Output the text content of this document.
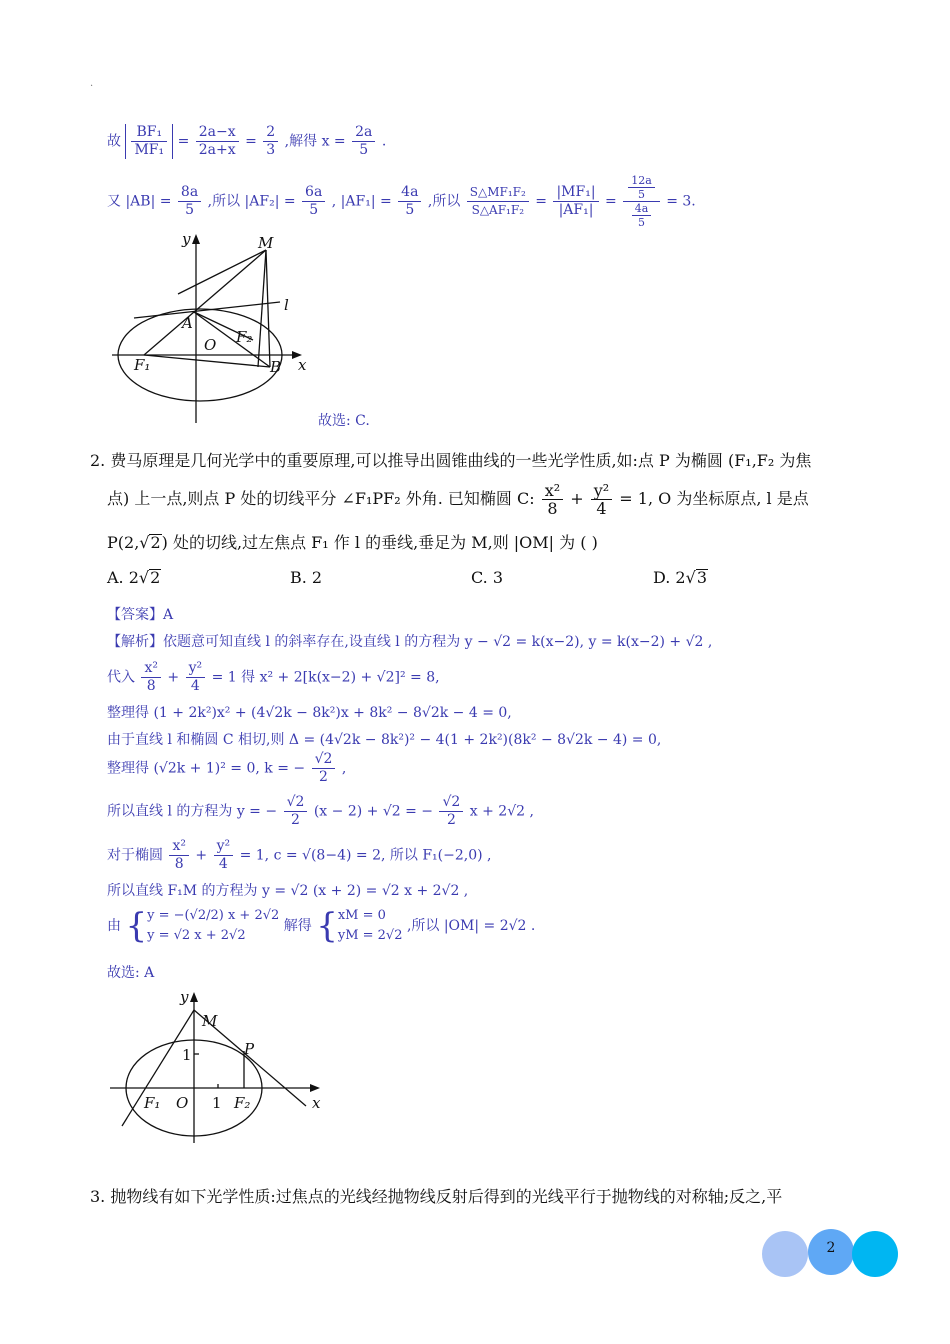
.
故 $\frac{\text{BF₁}}{\text{MF₁}} = \frac{2a-x}{2a+x} = \frac{2}{3}$ ,解得 $x = \frac{2a}{5}$ .
又 $|AB| = \frac{8a}{5}$ ,所以 $|AF_2| = \frac{6a}{5}$ , $|AF_1| = \frac{4a}{5}$ ,所以 $\frac{\text{S△MF₁F₂}}{\text{S△AF₁F₂}} = \frac{\text{|MF₁|}}{\text{|AF₁|}} = \frac{\frac{12a}{5}}{\frac{4a}{5}} = 3$.
y	M
l
A
F₂
O
F₁	B x
故选: C.
2. 费马原理是几何光学中的重要原理,可以推导出圆锥曲线的一些光学性质,如:点 P 为椭圆 (F₁,F₂ 为焦
点) 上一点,则点 P 处的切线平分 ∠F₁PF₂ 外角. 已知椭圆 C: $\frac{\text{x²}}{8} + \frac{\text{y²}}{4} = 1$, O 为坐标原点, l 是点
P(2,√2) 处的切线,过左焦点 F₁ 作 l 的垂线,垂足为 M,则 |OM| 为 ( )
A. 2√2	B. 2	C. 3	D. 2√3
【答案】A
【解析】依题意可知直线 l 的斜率存在,设直线 l 的方程为 y − √2 = k(x−2), y = k(x−2) + √2 ,
代入 $\frac{\text{x²}}{8} + \frac{\text{y²}}{4} = 1$ 得 x² + 2[k(x−2) + √2]² = 8,
整理得 (1 + 2k²)x² + (4√2k − 8k²)x + 8k² − 8√2k − 4 = 0,
由于直线 l 和椭圆 C 相切,则 Δ = (4√2k − 8k²)² − 4(1 + 2k²)(8k² − 8√2k − 4) = 0,
整理得 (√2k + 1)² = 0, k = − $\frac{√2}{2}$ ,
所以直线 l 的方程为 y = − $\frac{√2}{2} (x - 2) + √2$ = − $\frac{√2}{2}$ x + 2√2 ,
对于椭圆 $\frac{\text{x²}}{8} + \frac{\text{y²}}{4} = 1$, c = √(8−4) = 2, 所以 F₁(−2,0) ,
所以直线 F₁M 的方程为 y = √2 (x + 2) = √2 x + 2√2 ,
由 { y = −(√2/2) x + 2√2
y = √2 x + 2√2
解得 { xM = 0
yM = 2√2
,所以 |OM| = 2√2 .
故选: A
y
M
P
1
F₁ O 1 F₂	x
3. 抛物线有如下光学性质:过焦点的光线经抛物线反射后得到的光线平行于抛物线的对称轴;反之,平
2
